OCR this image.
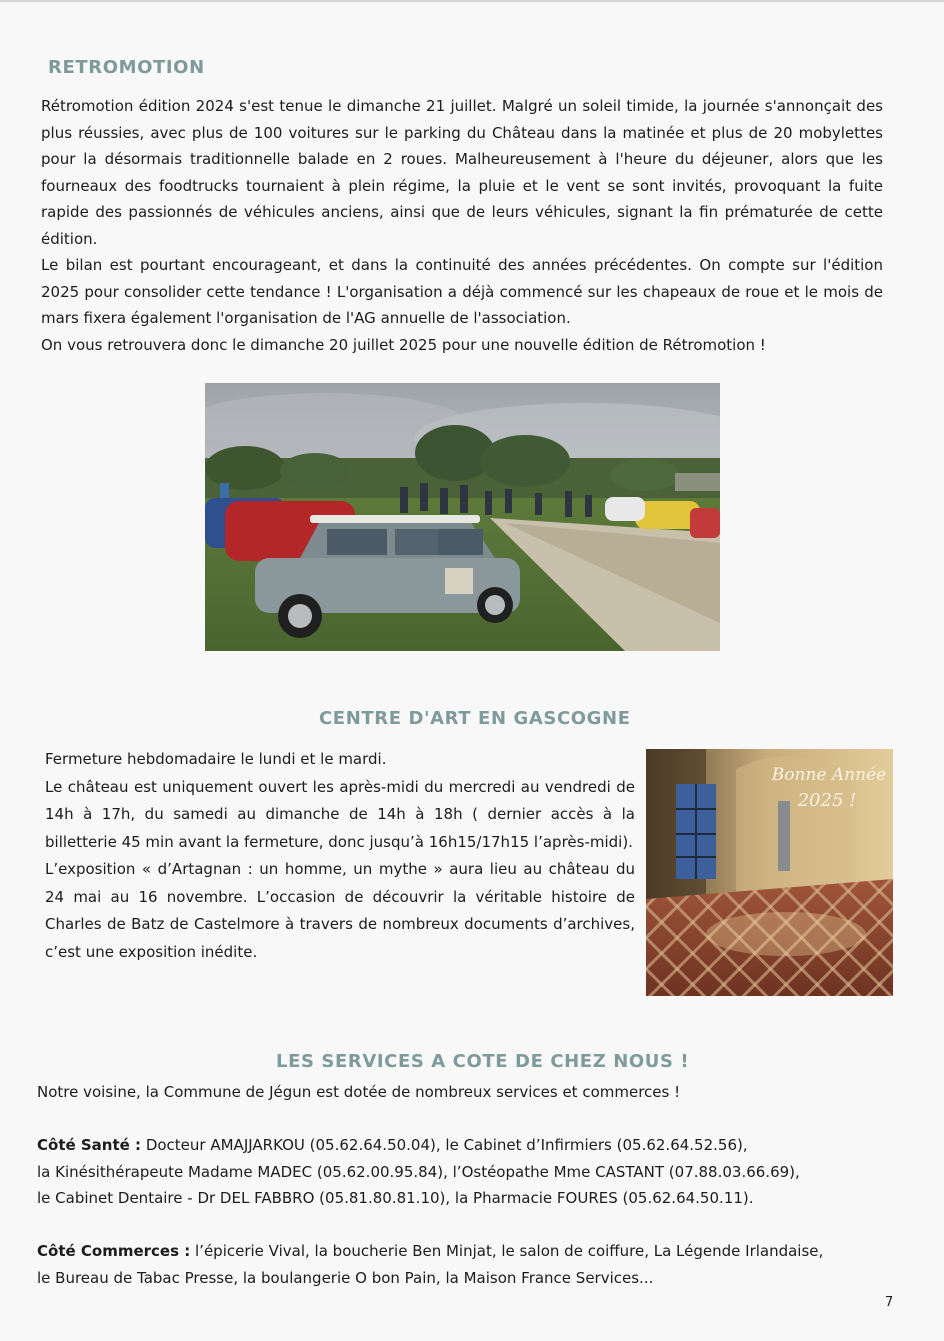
RETROMOTION

Rétromotion édition 2024 s'est tenue le dimanche 21 juillet. Malgré un soleil timide, la journée s'annonçait des plus réussies, avec plus de 100 voitures sur le parking du Château dans la matinée et plus de 20 mobylettes pour la désormais traditionnelle balade en 2 roues. Malheureusement à l'heure du déjeuner, alors que les fourneaux des foodtrucks tournaient à plein régime, la pluie et le vent se sont invités, provoquant la fuite rapide des passionnés de véhicules anciens, ainsi que de leurs véhicules, signant la fin prématurée de cette édition.

Le bilan est pourtant encourageant, et dans la continuité des années précédentes. On compte sur l'édition 2025 pour consolider cette tendance ! L'organisation a déjà commencé sur les chapeaux de roue et le mois de mars fixera également l'organisation de l'AG annuelle de l'association.

On vous retrouvera donc le dimanche 20 juillet 2025 pour une nouvelle édition de Rétromotion !

CENTRE D'ART EN GASCOGNE

Fermeture hebdomadaire le lundi et le mardi.

Le château est uniquement ouvert les après-midi du mercredi au vendredi de 14h à 17h, du samedi au dimanche de 14h à 18h ( dernier accès à la billetterie 45 min avant la fermeture, donc jusqu’à 16h15/17h15 l’après-midi).

L’exposition « d’Artagnan : un homme, un mythe » aura lieu au château du 24 mai au 16 novembre. L’occasion de découvrir la véritable histoire de Charles de Batz de Castelmore à travers de nombreux documents d’archives, c’est une exposition inédite.

Bonne Année
2025 !
LES SERVICES A COTE DE CHEZ NOUS !

Notre voisine, la Commune de Jégun est dotée de nombreux services et commerces !

Côté Santé : Docteur AMAJJARKOU (05.62.64.50.04), le Cabinet d’Infirmiers (05.62.64.52.56),

la Kinésithérapeute Madame MADEC (05.62.00.95.84), l’Ostéopathe Mme CASTANT (07.88.03.66.69),

le Cabinet Dentaire - Dr DEL FABBRO (05.81.80.81.10), la Pharmacie FOURES (05.62.64.50.11).

Côté Commerces : l’épicerie Vival, la boucherie Ben Minjat, le salon de coiffure, La Légende Irlandaise,

le Bureau de Tabac Presse, la boulangerie O bon Pain, la Maison France Services...

7
